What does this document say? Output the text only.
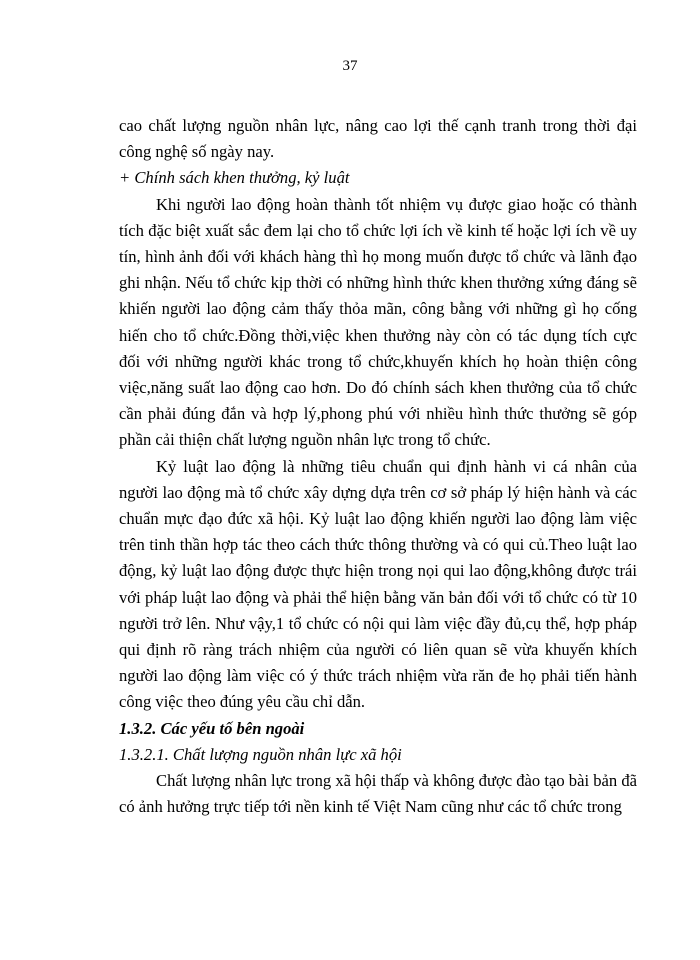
37

cao chất lượng nguồn nhân lực, nâng cao lợi thế cạnh tranh trong thời đại công nghệ số ngày nay.

+ Chính sách khen thưởng, kỷ luật

Khi người lao động hoàn thành tốt nhiệm vụ được giao hoặc có thành tích đặc biệt xuất sắc đem lại cho tổ chức lợi ích về kinh tế hoặc lợi ích về uy tín, hình ảnh đối với khách hàng thì họ mong muốn được tổ chức và lãnh đạo ghi nhận. Nếu tổ chức kịp thời có những hình thức khen thưởng xứng đáng sẽ khiến người lao động cảm thấy thỏa mãn, công bằng với những gì họ cống hiến cho tổ chức.Đồng thời,việc khen thưởng này còn có tác dụng tích cực đối với những người khác trong tổ chức,khuyến khích họ hoàn thiện công việc,năng suất lao động cao hơn. Do đó chính sách khen thưởng của tổ chức cần phải đúng đắn và hợp lý,phong phú với nhiều hình thức thưởng sẽ góp phần cải thiện chất lượng nguồn nhân lực trong tổ chức.

Kỷ luật lao động là những tiêu chuẩn qui định hành vi cá nhân của người lao động mà tổ chức xây dựng dựa trên cơ sở pháp lý hiện hành và các chuẩn mực đạo đức xã hội. Kỷ luật lao động khiến người lao động làm việc trên tinh thần hợp tác theo cách thức thông thường và có qui củ.Theo luật lao động, kỷ luật lao động được thực hiện trong nọi qui lao động,không được trái với pháp luật lao động và phải thể hiện bằng văn bản đối với tổ chức có từ 10 người trở lên. Như vậy,1 tổ chức có nội qui làm việc đầy đủ,cụ thể, hợp pháp qui định rõ ràng trách nhiệm của người có liên quan sẽ vừa khuyến khích người lao động làm việc có ý thức trách nhiệm vừa răn đe họ phải tiến hành công việc theo đúng yêu cầu chỉ dẫn.

1.3.2. Các yếu tố bên ngoài

1.3.2.1. Chất lượng nguồn nhân lực xã hội

Chất lượng nhân lực trong xã hội thấp và không được đào tạo bài bản đã có ảnh hưởng trực tiếp tới nền kinh tế Việt Nam cũng như các tổ chức trong
